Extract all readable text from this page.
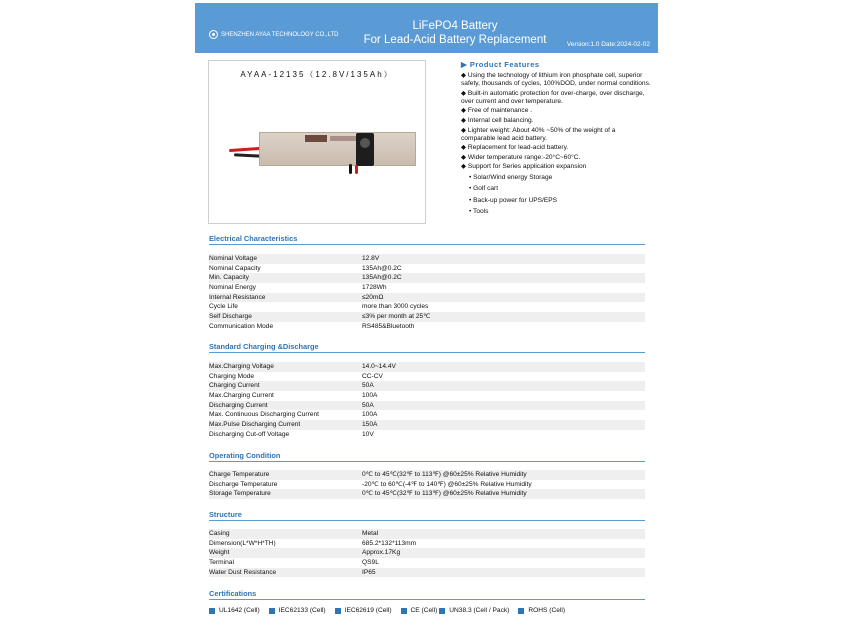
SHENZHEN AYAA TECHNOLOGY CO.,LTD
LiFePO4 Battery
For Lead-Acid Battery Replacement	Version:1.0 Date:2024-02-02
AYAA-12135（12.8V/135Ah）
▶ Product Features
◆ Using the technology of lithium iron phosphate cell, superior safety, thousands of cycles, 100%DOD, under normal conditions.
◆ Built-in automatic protection for over-charge, over discharge, over current and over temperature.
◆ Free of maintenance .
◆ Internal cell balancing.
◆ Lighter weight: About 40% ~50% of the weight of a comparable lead acid battery.
◆ Replacement for lead-acid battery.
◆ Wider temperature range:-20°C~60°C.
◆ Support for Series application expansion
• Solar/Wind energy Storage
• Golf cart
• Back-up power for UPS/EPS
• Tools
Electrical Characteristics
Nominal Voltage	12.8V
Nominal Capacity	135Ah@0.2C
Min. Capacity	135Ah@0.2C
Nominal Energy	1728Wh
Internal Resistance	≤20mΩ
Cycle Life	more than 3000 cycles
Self Discharge	≤3% per month at 25℃
Communication Mode	RS485&Bluetooth
Standard Charging &Discharge
Max.Charging Voltage	14.0~14.4V
Charging Mode	CC-CV
Charging Current	50A
Max.Charging Current	100A
Discharging Current	50A
Max. Continuous Discharging Current	100A
Max.Pulse Discharging Current	150A
Discharging Cut-off Voltage	10V
Operating Condition
Charge Temperature	0℃ to 45℃(32℉ to 113℉) @60±25% Relative Humidity
Discharge Temperature	-20℃ to 60℃(-4℉ to 140℉) @60±25% Relative Humidity
Storage Temperature	0℃ to 45℃(32℉ to 113℉) @60±25% Relative Humidity
Structure
Casing	Metal
Dimension(L*W*H*TH)	685.2*132*113mm
Weight	Approx.17Kg
Terminal	QS9L
Water Dust Resistance	IP65
Certifications
UL1642 (Cell)	IEC62133 (Cell)	IEC62619 (Cell)	CE (Cell) UN38.3 (Cell / Pack)	ROHS (Cell)
